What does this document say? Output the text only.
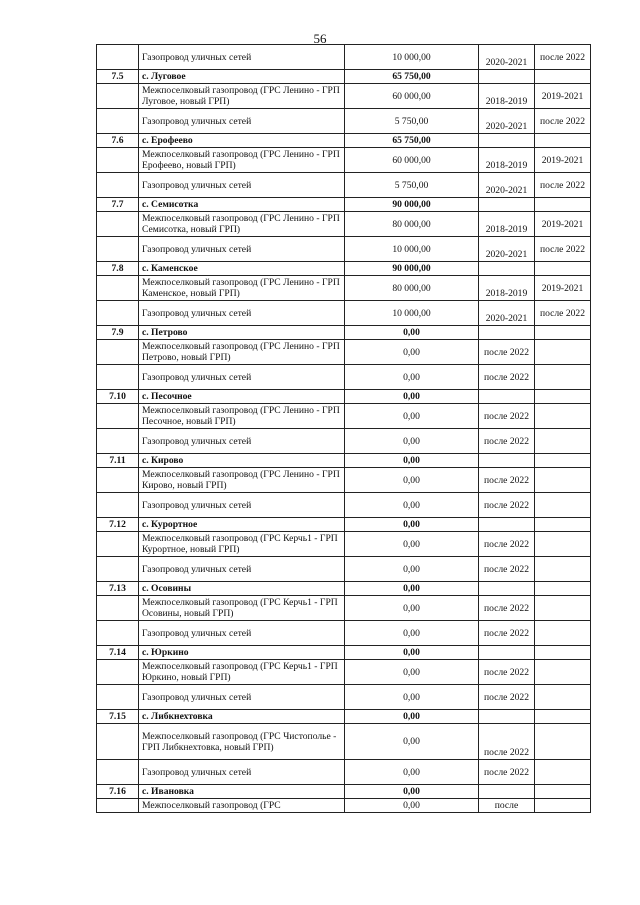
56
	Газопровод уличных сетей	10 000,00	2020-2021	после 2022
7.5	с. Луговое	65 750,00		
	Межпоселковый газопровод (ГРС Ленино - ГРП Луговое, новый ГРП)	60 000,00	2018-2019	2019-2021
	Газопровод уличных сетей	5 750,00	2020-2021	после 2022
7.6	с. Ерофеево	65 750,00		
	Межпоселковый газопровод (ГРС Ленино - ГРП Ерофеево, новый ГРП)	60 000,00	2018-2019	2019-2021
	Газопровод уличных сетей	5 750,00	2020-2021	после 2022
7.7	с. Семисотка	90 000,00		
	Межпоселковый газопровод (ГРС Ленино - ГРП Семисотка, новый ГРП)	80 000,00	2018-2019	2019-2021
	Газопровод уличных сетей	10 000,00	2020-2021	после 2022
7.8	с. Каменское	90 000,00		
	Межпоселковый газопровод (ГРС Ленино - ГРП Каменское, новый ГРП)	80 000,00	2018-2019	2019-2021
	Газопровод уличных сетей	10 000,00	2020-2021	после 2022
7.9	с. Петрово	0,00		
	Межпоселковый газопровод (ГРС Ленино - ГРП Петрово, новый ГРП)	0,00	после 2022	
	Газопровод уличных сетей	0,00	после 2022	
7.10	с. Песочное	0,00		
	Межпоселковый газопровод (ГРС Ленино - ГРП Песочное, новый ГРП)	0,00	после 2022	
	Газопровод уличных сетей	0,00	после 2022	
7.11	с. Кирово	0,00		
	Межпоселковый газопровод (ГРС Ленино - ГРП Кирово, новый ГРП)	0,00	после 2022	
	Газопровод уличных сетей	0,00	после 2022	
7.12	с. Курортное	0,00		
	Межпоселковый газопровод (ГРС Керчь1 - ГРП Курортное, новый ГРП)	0,00	после 2022	
	Газопровод уличных сетей	0,00	после 2022	
7.13	с. Осовины	0,00		
	Межпоселковый газопровод (ГРС Керчь1 - ГРП Осовины, новый ГРП)	0,00	после 2022	
	Газопровод уличных сетей	0,00	после 2022	
7.14	с. Юркино	0,00		
	Межпоселковый газопровод (ГРС Керчь1 - ГРП Юркино, новый ГРП)	0,00	после 2022	
	Газопровод уличных сетей	0,00	после 2022	
7.15	с. Либкнехтовка	0,00		
	Межпоселковый газопровод (ГРС Чистополье - ГРП Либкнехтовка, новый ГРП)	0,00	после 2022	
	Газопровод уличных сетей	0,00	после 2022	
7.16	с. Ивановка	0,00		
	Межпоселковый газопровод (ГРС	0,00	после	
